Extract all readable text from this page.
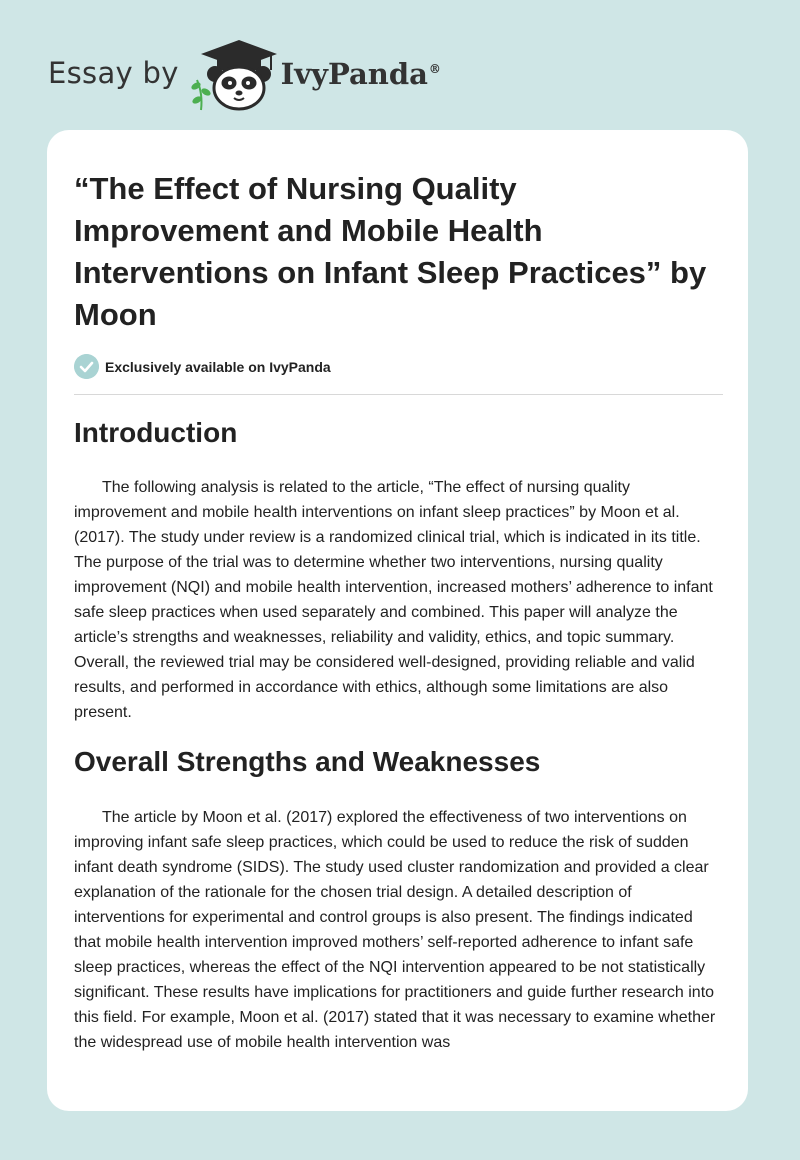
Essay by	IvyPanda®
“The Effect of Nursing Quality Improvement and Mobile Health Interventions on Infant Sleep Practices” by Moon
Exclusively available on IvyPanda
Introduction

The following analysis is related to the article, “The effect of nursing quality improvement and mobile health interventions on infant sleep practices” by Moon et al. (2017). The study under review is a randomized clinical trial, which is indicated in its title. The purpose of the trial was to determine whether two interventions, nursing quality improvement (NQI) and mobile health intervention, increased mothers’ adherence to infant safe sleep practices when used separately and combined. This paper will analyze the article’s strengths and weaknesses, reliability and validity, ethics, and topic summary. Overall, the reviewed trial may be considered well-designed, providing reliable and valid results, and performed in accordance with ethics, although some limitations are also present.

Overall Strengths and Weaknesses

The article by Moon et al. (2017) explored the effectiveness of two interventions on improving infant safe sleep practices, which could be used to reduce the risk of sudden infant death syndrome (SIDS). The study used cluster randomization and provided a clear explanation of the rationale for the chosen trial design. A detailed description of interventions for experimental and control groups is also present. The findings indicated that mobile health intervention improved mothers’ self-reported adherence to infant safe sleep practices, whereas the effect of the NQI intervention appeared to be not statistically significant. These results have implications for practitioners and guide further research into this field. For example, Moon et al. (2017) stated that it was necessary to examine whether the widespread use of mobile health intervention was
